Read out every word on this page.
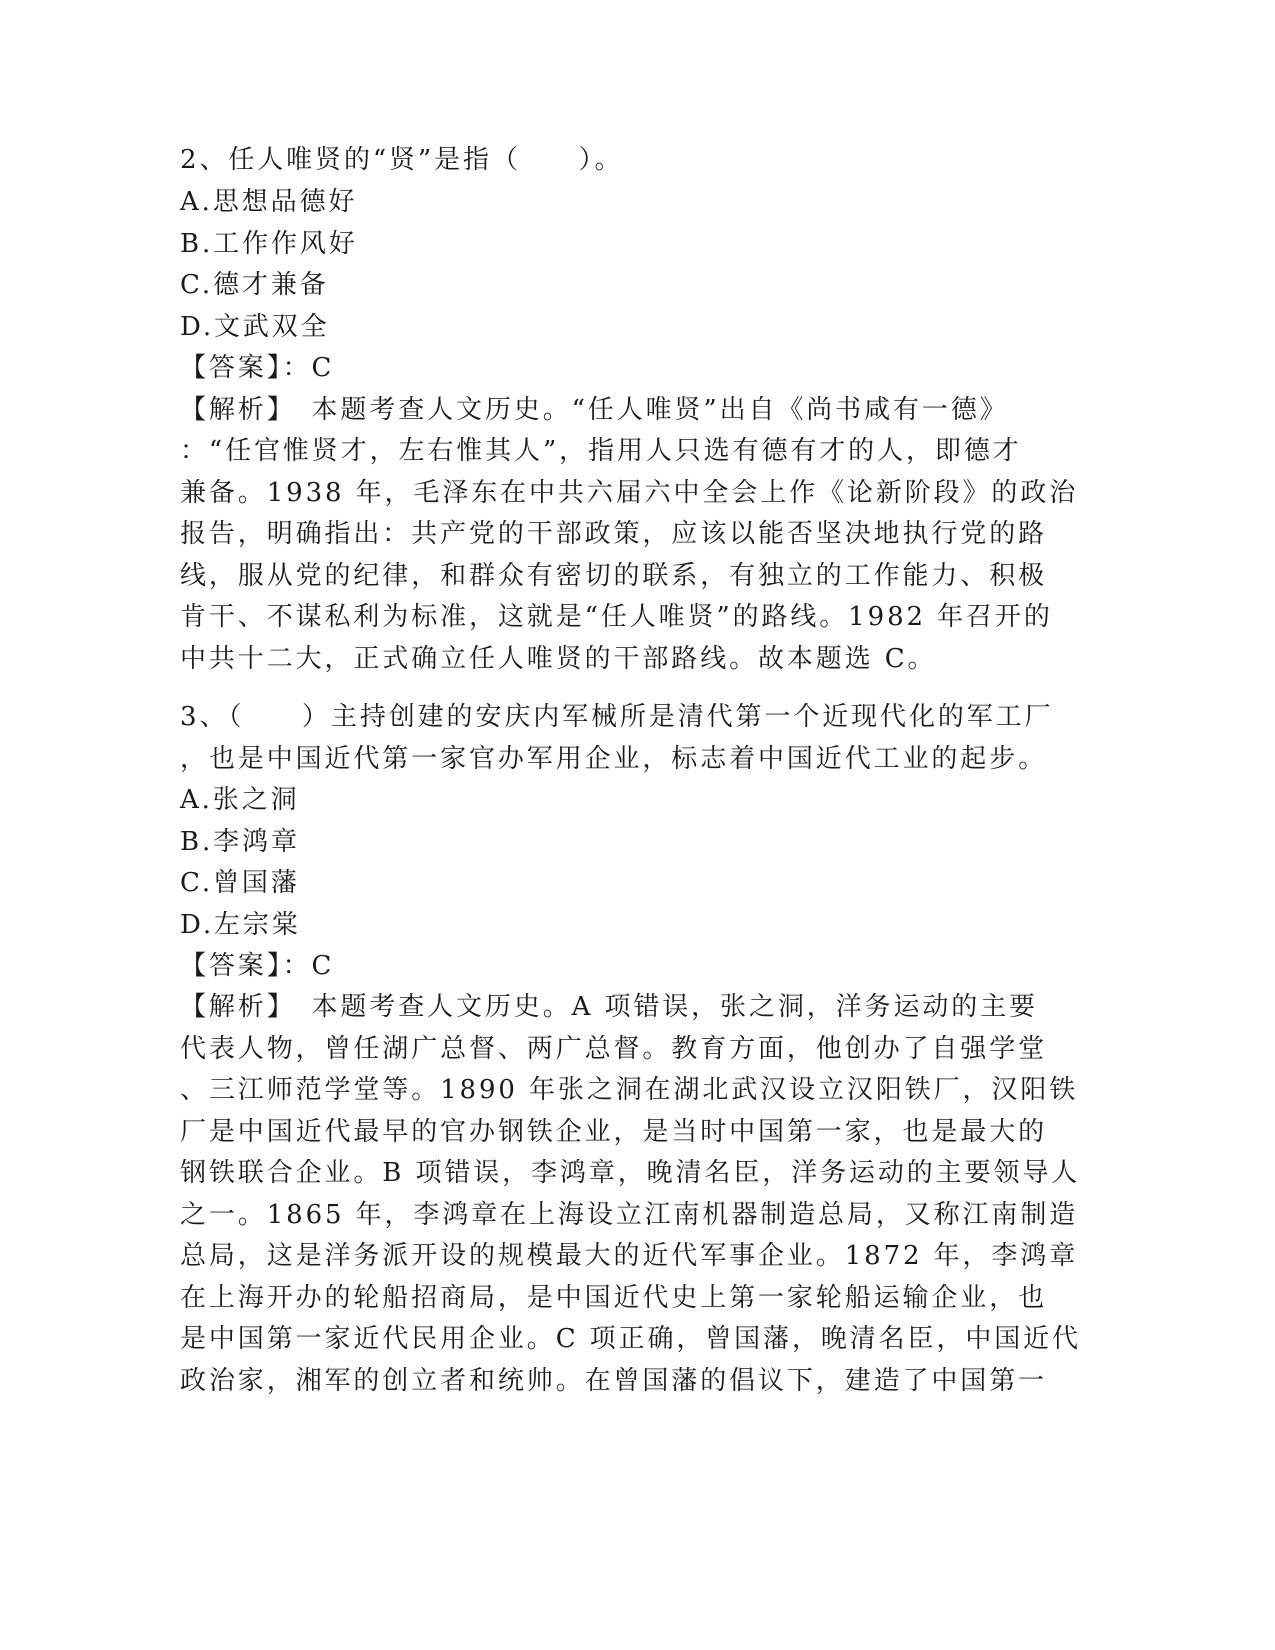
2、任人唯贤的“贤”是指（　　）。
A.思想品德好
B.工作作风好
C.德才兼备
D.文武双全
【答案】：C
【解析】　本题考查人文历史。“任人唯贤”出自《尚书咸有一德》
：“任官惟贤才，左右惟其人”，指用人只选有德有才的人，即德才
兼备。1938 年，毛泽东在中共六届六中全会上作《论新阶段》的政治
报告，明确指出：共产党的干部政策，应该以能否坚决地执行党的路
线，服从党的纪律，和群众有密切的联系，有独立的工作能力、积极
肯干、不谋私利为标准，这就是“任人唯贤”的路线。1982 年召开的
中共十二大，正式确立任人唯贤的干部路线。故本题选 C。
3、（　　）主持创建的安庆内军械所是清代第一个近现代化的军工厂
，也是中国近代第一家官办军用企业，标志着中国近代工业的起步。
A.张之洞
B.李鸿章
C.曾国藩
D.左宗棠
【答案】：C
【解析】　本题考查人文历史。A 项错误，张之洞，洋务运动的主要
代表人物，曾任湖广总督、两广总督。教育方面，他创办了自强学堂
、三江师范学堂等。1890 年张之洞在湖北武汉设立汉阳铁厂，汉阳铁
厂是中国近代最早的官办钢铁企业，是当时中国第一家，也是最大的
钢铁联合企业。B 项错误，李鸿章，晚清名臣，洋务运动的主要领导人
之一。1865 年，李鸿章在上海设立江南机器制造总局，又称江南制造
总局，这是洋务派开设的规模最大的近代军事企业。1872 年，李鸿章
在上海开办的轮船招商局，是中国近代史上第一家轮船运输企业，也
是中国第一家近代民用企业。C 项正确，曾国藩，晚清名臣，中国近代
政治家，湘军的创立者和统帅。在曾国藩的倡议下，建造了中国第一
